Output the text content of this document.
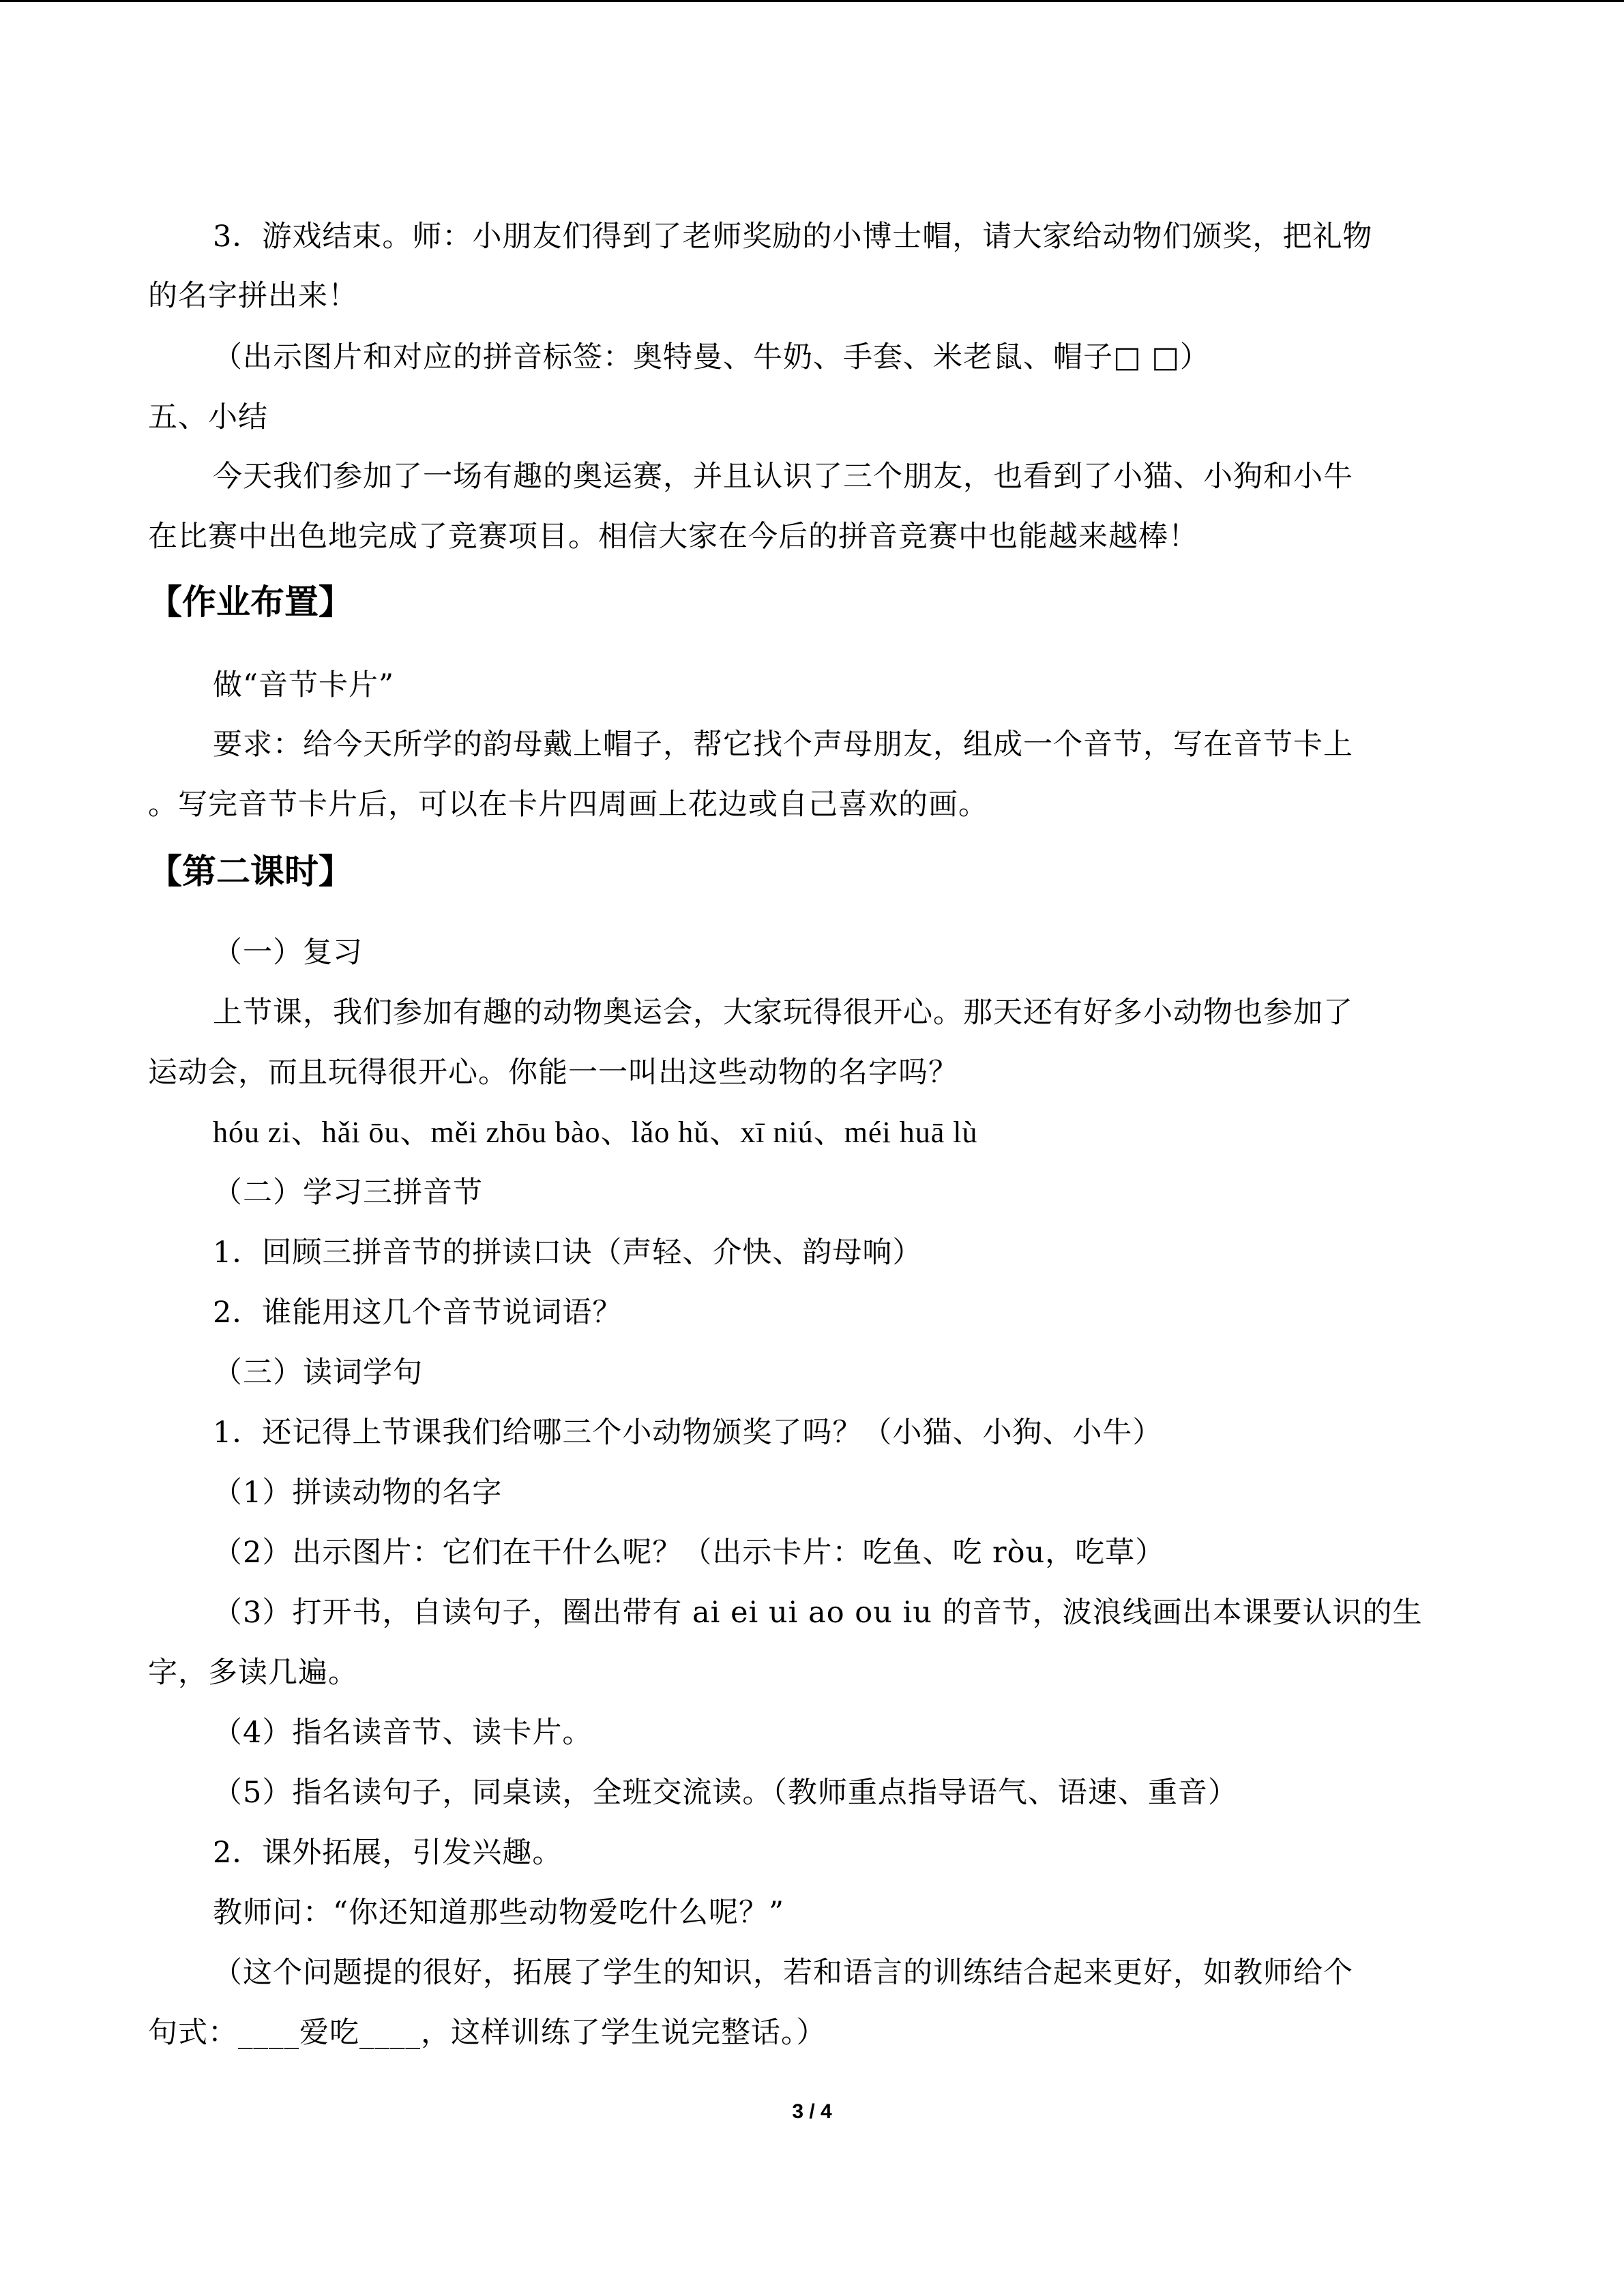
3．游戏结束。师：小朋友们得到了老师奖励的小博士帽，请大家给动物们颁奖，把礼物
的名字拼出来！
（出示图片和对应的拼音标签：奥特曼、牛奶、手套、米老鼠、帽子□ □）
五、小结
今天我们参加了一场有趣的奥运赛，并且认识了三个朋友，也看到了小猫、小狗和小牛
在比赛中出色地完成了竞赛项目。相信大家在今后的拼音竞赛中也能越来越棒！
【作业布置】
做“音节卡片”
要求：给今天所学的韵母戴上帽子，帮它找个声母朋友，组成一个音节，写在音节卡上
。写完音节卡片后，可以在卡片四周画上花边或自己喜欢的画。
【第二课时】
（一）复习
上节课，我们参加有趣的动物奥运会，大家玩得很开心。那天还有好多小动物也参加了
运动会，而且玩得很开心。你能一一叫出这些动物的名字吗？
hóu zi、hǎi ōu、měi zhōu bào、lǎo hǔ、xī niú、méi huā lù
（二）学习三拼音节
1．回顾三拼音节的拼读口诀（声轻、介快、韵母响）
2．谁能用这几个音节说词语？
（三）读词学句
1．还记得上节课我们给哪三个小动物颁奖了吗？（小猫、小狗、小牛）
（1）拼读动物的名字
（2）出示图片：它们在干什么呢？（出示卡片：吃鱼、吃 ròu，吃草）
（3）打开书，自读句子，圈出带有 ai ei ui ao ou iu 的音节，波浪线画出本课要认识的生
字，多读几遍。
（4）指名读音节、读卡片。
（5）指名读句子，同桌读，全班交流读。（教师重点指导语气、语速、重音）
2．课外拓展，引发兴趣。
教师问：“你还知道那些动物爱吃什么呢？”
（这个问题提的很好，拓展了学生的知识，若和语言的训练结合起来更好，如教师给个
句式：____爱吃____，这样训练了学生说完整话。）
3 / 4
